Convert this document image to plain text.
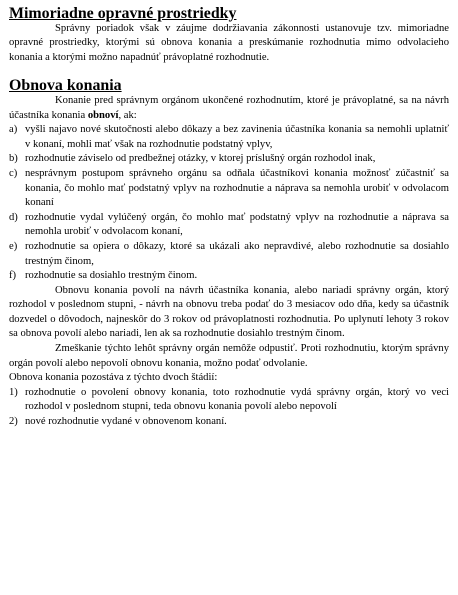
Mimoriadne opravné prostriedky

Správny poriadok však v záujme dodržiavania zákonnosti ustanovuje tzv. mimoriadne opravné prostriedky, ktorými sú obnova konania a preskúmanie rozhodnutia mimo odvolacieho konania a ktorými možno napadnúť právoplatné rozhodnutie.

Obnova konania

Konanie pred správnym orgánom ukončené rozhodnutím, ktoré je právoplatné, sa na návrh účastníka konania obnoví, ak:

a) vyšli najavo nové skutočnosti alebo dôkazy a bez zavinenia účastníka konania sa nemohli uplatniť v konaní, mohli mať však na rozhodnutie podstatný vplyv,
b) rozhodnutie záviselo od predbežnej otázky, v ktorej príslušný orgán rozhodol inak,
c) nesprávnym postupom správneho orgánu sa odňala účastníkovi konania možnosť zúčastniť sa konania, čo mohlo mať podstatný vplyv na rozhodnutie a náprava sa nemohla urobiť v odvolacom konaní
d) rozhodnutie vydal vylúčený orgán, čo mohlo mať podstatný vplyv na rozhodnutie a náprava sa nemohla urobiť v odvolacom konaní,
e) rozhodnutie sa opiera o dôkazy, ktoré sa ukázali ako nepravdivé, alebo rozhodnutie sa dosiahlo trestným činom,
f) rozhodnutie sa dosiahlo trestným činom.

Obnovu konania povolí na návrh účastníka konania, alebo nariadi správny orgán, ktorý rozhodol v poslednom stupni, - návrh na obnovu treba podať do 3 mesiacov odo dňa, kedy sa účastník dozvedel o dôvodoch, najneskôr do 3 rokov od právoplatnosti rozhodnutia. Po uplynutí lehoty 3 rokov sa obnova povolí alebo nariadi, len ak sa rozhodnutie dosiahlo trestným činom.

Zmeškanie týchto lehôt správny orgán nemôže odpustiť. Proti rozhodnutiu, ktorým správny orgán povolí alebo nepovolí obnovu konania, možno podať odvolanie.

Obnova konania pozostáva z týchto dvoch štádií:

1) rozhodnutie o povolení obnovy konania, toto rozhodnutie vydá správny orgán, ktorý vo veci rozhodol v poslednom stupni, teda obnovu konania povolí alebo nepovolí
2) nové rozhodnutie vydané v obnovenom konaní.
